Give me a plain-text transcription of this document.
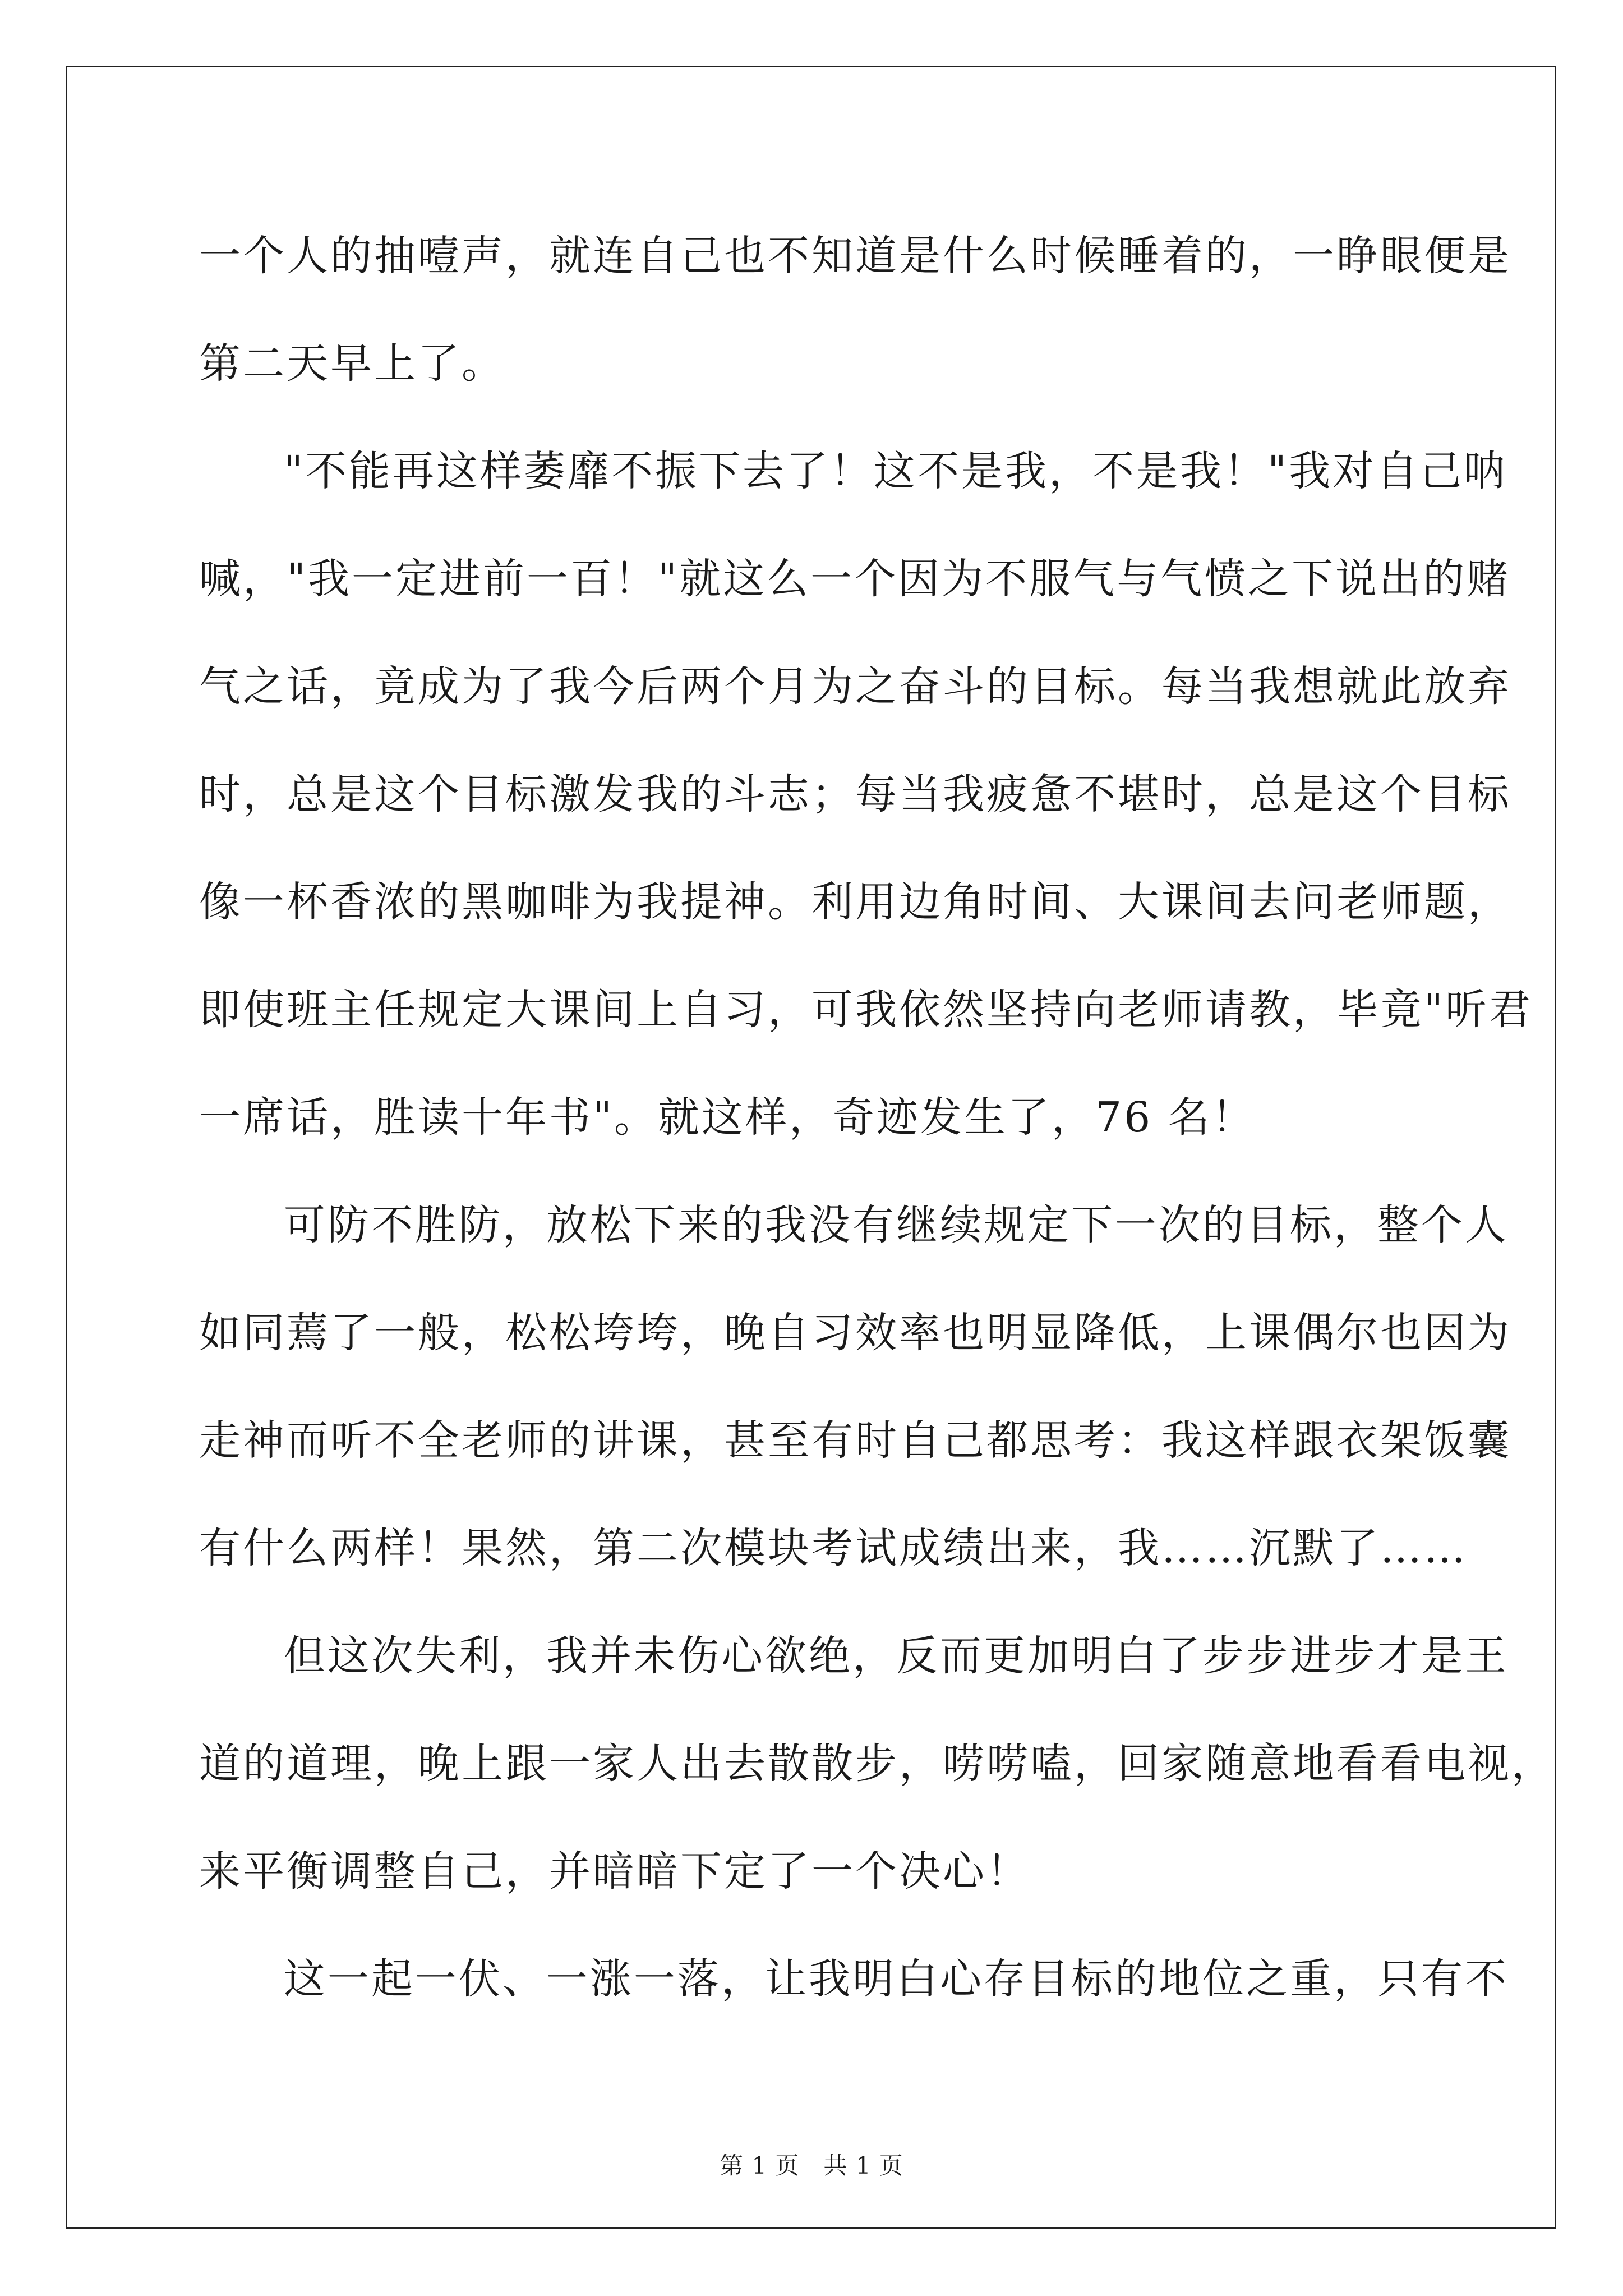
一个人的抽噎声，就连自己也不知道是什么时候睡着的，一睁眼便是
第二天早上了。
"不能再这样萎靡不振下去了！这不是我，不是我！"我对自己呐
喊，"我一定进前一百！"就这么一个因为不服气与气愤之下说出的赌
气之话，竟成为了我今后两个月为之奋斗的目标。每当我想就此放弃
时，总是这个目标激发我的斗志；每当我疲惫不堪时，总是这个目标
像一杯香浓的黑咖啡为我提神。利用边角时间、大课间去问老师题，
即使班主任规定大课间上自习，可我依然坚持向老师请教，毕竟"听君
一席话，胜读十年书"。就这样，奇迹发生了，76 名！
可防不胜防，放松下来的我没有继续规定下一次的目标，整个人
如同蔫了一般，松松垮垮，晚自习效率也明显降低，上课偶尔也因为
走神而听不全老师的讲课，甚至有时自己都思考：我这样跟衣架饭囊
有什么两样！果然，第二次模块考试成绩出来，我……沉默了……
但这次失利，我并未伤心欲绝，反而更加明白了步步进步才是王
道的道理，晚上跟一家人出去散散步，唠唠嗑，回家随意地看看电视，
来平衡调整自己，并暗暗下定了一个决心！
这一起一伏、一涨一落，让我明白心存目标的地位之重，只有不
第 1 页　共 1 页
